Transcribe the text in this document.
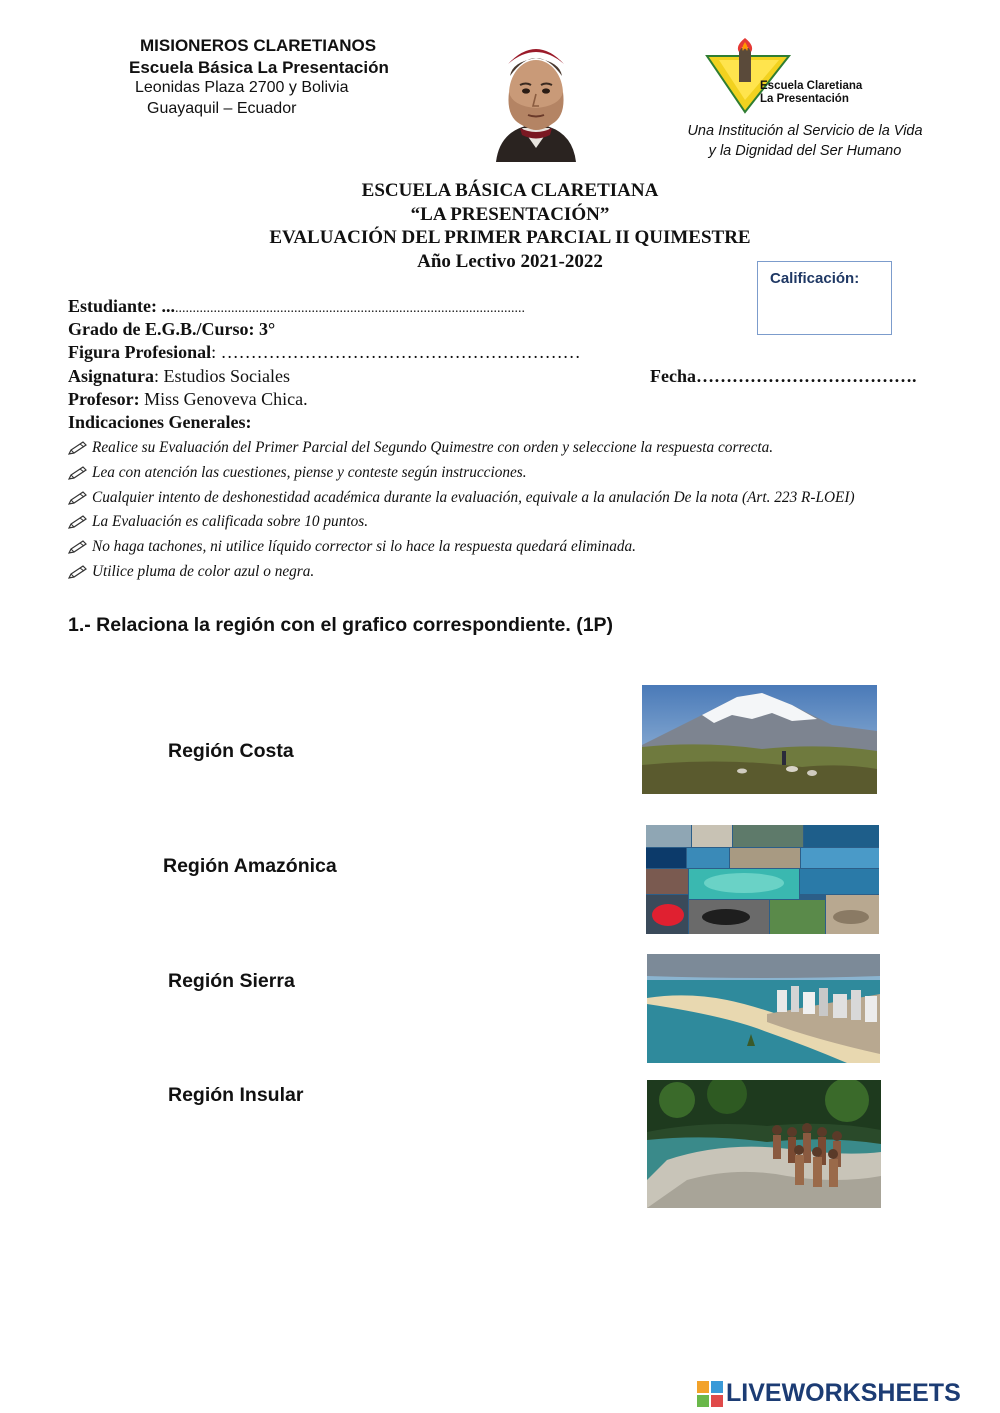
MISIONEROS CLARETIANOS
Escuela Básica La Presentación
Leonidas Plaza 2700 y Bolivia
Guayaquil – Ecuador
Escuela Claretiana
La Presentación
Una Institución al Servicio de la Vida
y la Dignidad del Ser Humano
ESCUELA BÁSICA CLARETIANA
“LA PRESENTACIÓN”
EVALUACIÓN DEL PRIMER PARCIAL II QUIMESTRE
Año Lectivo 2021-2022
Calificación:
Estudiante: .......................................................................................................
Grado de E.G.B./Curso: 3°
Figura Profesional: ……………………………………………………
Asignatura: Estudios Sociales	Fecha……………………………….
Profesor: Miss Genoveva Chica.
Indicaciones Generales:
Realice su Evaluación del Primer Parcial del Segundo Quimestre con orden y seleccione la respuesta correcta.
Lea con atención las cuestiones, piense y conteste según instrucciones.
Cualquier intento de deshonestidad académica durante la evaluación, equivale a la anulación De la nota (Art. 223 R-LOEI)
La Evaluación es calificada sobre 10 puntos.
No haga tachones, ni utilice líquido corrector si lo hace la respuesta quedará eliminada.
Utilice pluma de color azul o negra.
1.- Relaciona la región con el grafico correspondiente. (1P)
Región Costa
Región Amazónica
Región Sierra
Región Insular
LIVEWORKSHEETS
